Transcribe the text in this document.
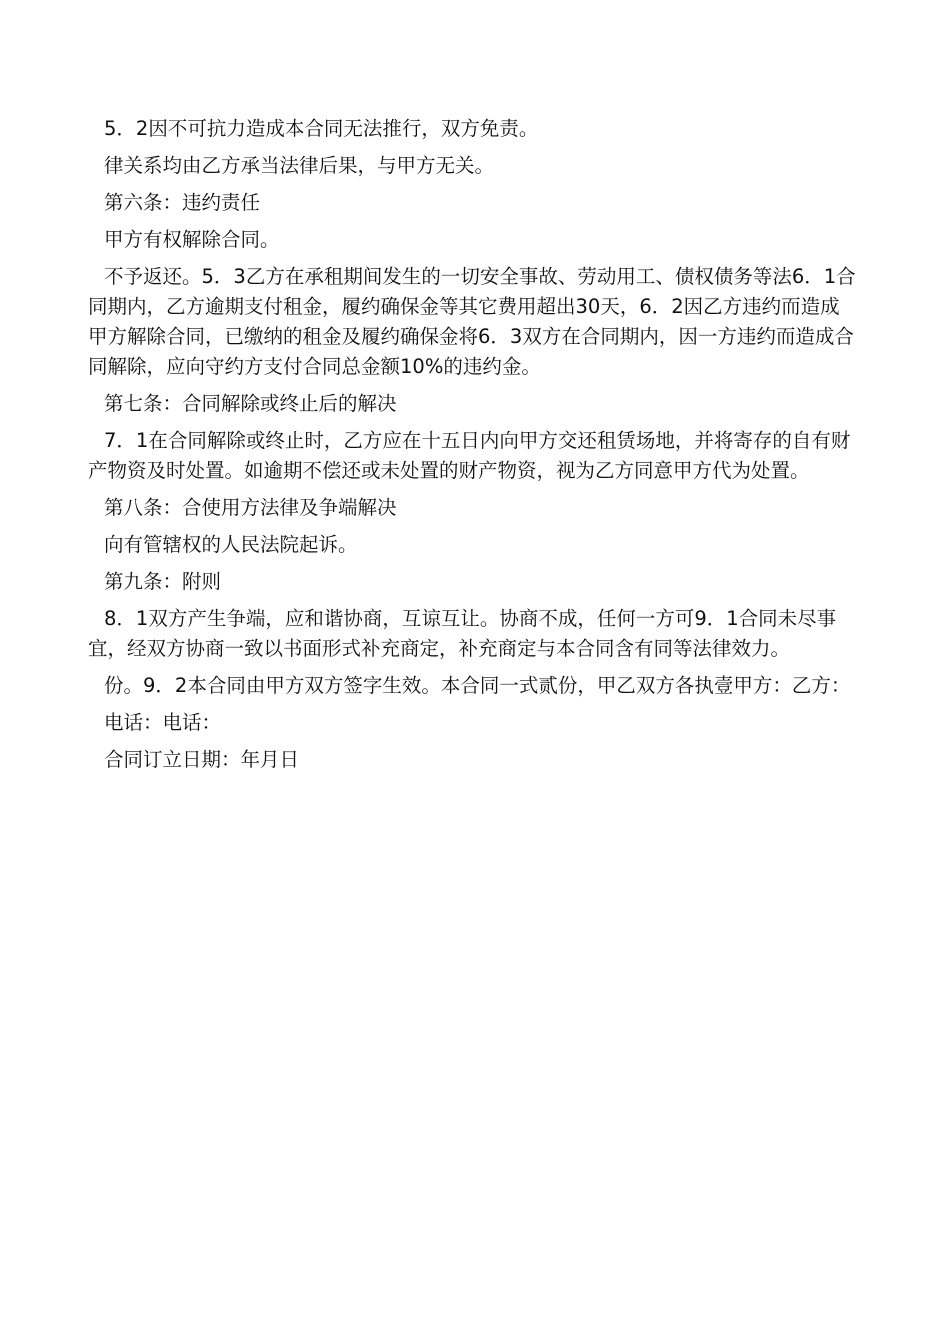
5．2因不可抗力造成本合同无法推行，双方免责。

律关系均由乙方承当法律后果，与甲方无关。

第六条：违约责任

甲方有权解除合同。

不予返还。5．3乙方在承租期间发生的一切安全事故、劳动用工、债权债务等法6．1合同期内，乙方逾期支付租金，履约确保金等其它费用超出30天，6．2因乙方违约而造成甲方解除合同，已缴纳的租金及履约确保金将6．3双方在合同期内，因一方违约而造成合同解除，应向守约方支付合同总金额10%的违约金。

第七条：合同解除或终止后的解决

7．1在合同解除或终止时，乙方应在十五日内向甲方交还租赁场地，并将寄存的自有财产物资及时处置。如逾期不偿还或未处置的财产物资，视为乙方同意甲方代为处置。

第八条：合使用方法律及争端解决

向有管辖权的人民法院起诉。

第九条：附则

8．1双方产生争端，应和谐协商，互谅互让。协商不成，任何一方可9．1合同未尽事宜，经双方协商一致以书面形式补充商定，补充商定与本合同含有同等法律效力。

份。9．2本合同由甲方双方签字生效。本合同一式贰份，甲乙双方各执壹甲方：乙方：

电话：电话：

合同订立日期：年月日
